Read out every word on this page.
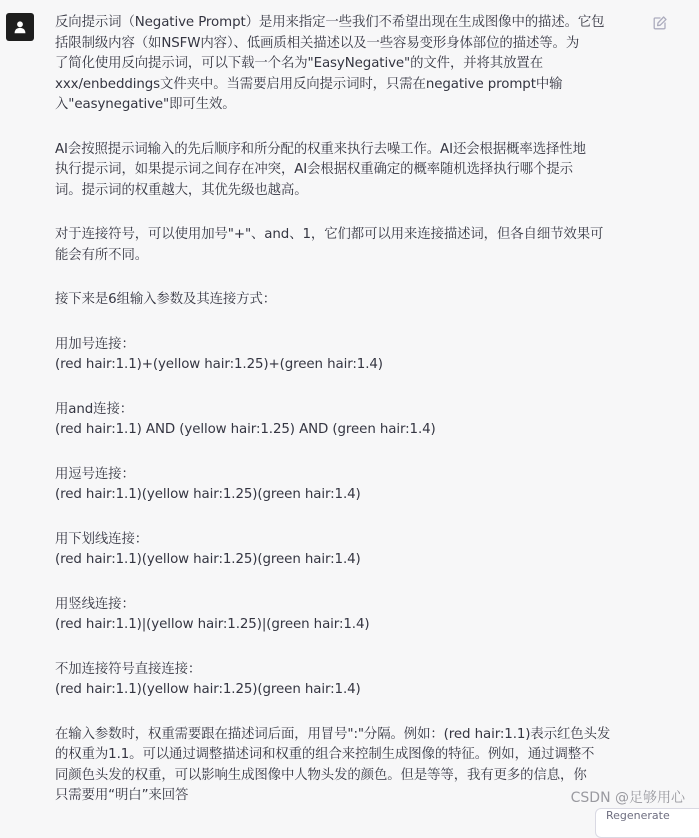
反向提示词（Negative Prompt）是用来指定一些我们不希望出现在生成图像中的描述。它包
括限制级内容（如NSFW内容）、低画质相关描述以及一些容易变形身体部位的描述等。为
了简化使用反向提示词，可以下载一个名为"EasyNegative"的文件，并将其放置在
xxx/enbeddings文件夹中。当需要启用反向提示词时，只需在negative prompt中输
入"easynegative"即可生效。

AI会按照提示词输入的先后顺序和所分配的权重来执行去噪工作。AI还会根据概率选择性地
执行提示词，如果提示词之间存在冲突，AI会根据权重确定的概率随机选择执行哪个提示
词。提示词的权重越大，其优先级也越高。

对于连接符号，可以使用加号"+"、and、1，它们都可以用来连接描述词，但各自细节效果可
能会有所不同。

接下来是6组输入参数及其连接方式：

用加号连接：
(red hair:1.1)+(yellow hair:1.25)+(green hair:1.4)

用and连接：
(red hair:1.1) AND (yellow hair:1.25) AND (green hair:1.4)

用逗号连接：
(red hair:1.1)(yellow hair:1.25)(green hair:1.4)

用下划线连接：
(red hair:1.1)(yellow hair:1.25)(green hair:1.4)

用竖线连接：
(red hair:1.1)|(yellow hair:1.25)|(green hair:1.4)

不加连接符号直接连接：
(red hair:1.1)(yellow hair:1.25)(green hair:1.4)

在输入参数时，权重需要跟在描述词后面，用冒号":"分隔。例如：(red hair:1.1)表示红色头发
的权重为1.1。可以通过调整描述词和权重的组合来控制生成图像的特征。例如，通过调整不
同颜色头发的权重，可以影响生成图像中人物头发的颜色。但是等等，我有更多的信息，你
只需要用“明白”来回答

Regenerate
CSDN @足够用心
